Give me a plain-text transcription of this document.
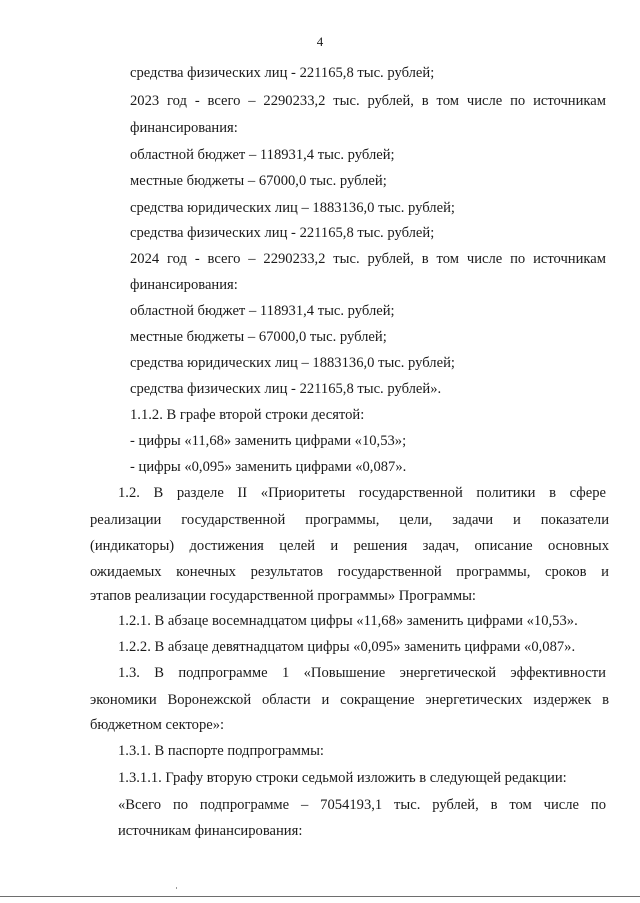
4
средства физических лиц - 221165,8 тыс. рублей;
2023 год - всего – 2290233,2 тыс. рублей, в том числе по источникам
финансирования:
областной бюджет – 118931,4 тыс. рублей;
местные бюджеты – 67000,0 тыс. рублей;
средства юридических лиц – 1883136,0 тыс. рублей;
средства физических лиц - 221165,8 тыс. рублей;
2024 год - всего – 2290233,2 тыс. рублей, в том числе по источникам
финансирования:
областной бюджет – 118931,4 тыс. рублей;
местные бюджеты – 67000,0 тыс. рублей;
средства юридических лиц – 1883136,0 тыс. рублей;
средства физических лиц - 221165,8 тыс. рублей».
1.1.2. В графе второй строки десятой:
- цифры «11,68» заменить цифрами «10,53»;
- цифры «0,095» заменить цифрами «0,087».
1.2. В разделе II «Приоритеты государственной политики в сфере
реализации государственной программы, цели, задачи и показатели
(индикаторы) достижения целей и решения задач, описание основных
ожидаемых конечных результатов государственной программы, сроков и
этапов реализации государственной программы» Программы:
1.2.1. В абзаце восемнадцатом цифры «11,68» заменить цифрами «10,53».
1.2.2. В абзаце девятнадцатом цифры «0,095» заменить цифрами «0,087».
1.3. В подпрограмме 1 «Повышение энергетической эффективности
экономики Воронежской области и сокращение энергетических издержек в
бюджетном секторе»:
1.3.1. В паспорте подпрограммы:
1.3.1.1. Графу вторую строки седьмой изложить в следующей редакции:
«Всего по подпрограмме – 7054193,1 тыс. рублей, в том числе по
источникам финансирования:
